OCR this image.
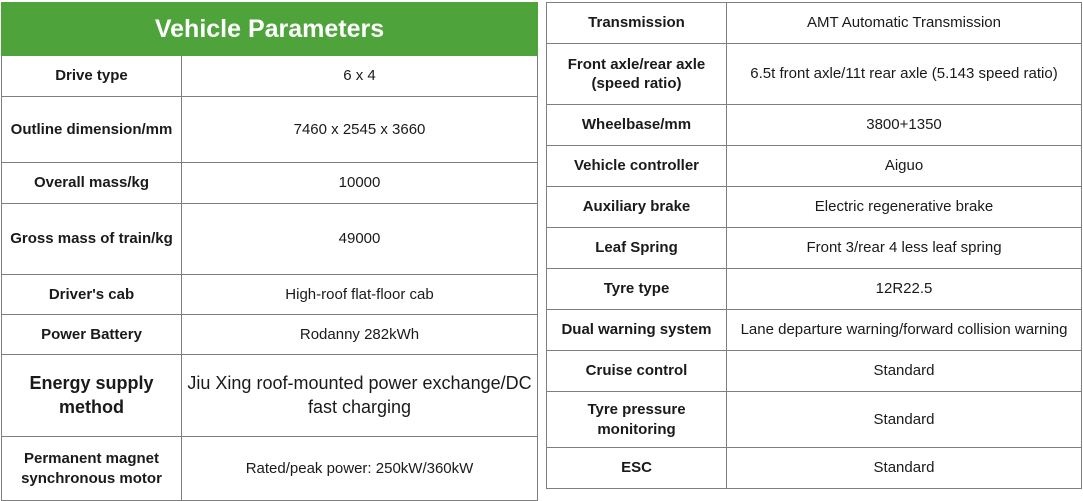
Vehicle Parameters	
Drive type	6 x 4
Outline dimension/mm	7460 x 2545 x 3660
Overall mass/kg	10000
Gross mass of train/kg	49000
Driver's cab	High-roof flat-floor cab
Power Battery	Rodanny 282kWh
Energy supply method	Jiu Xing roof-mounted power exchange/DC fast charging
Permanent magnet synchronous motor	Rated/peak power: 250kW/360kW
Transmission	AMT Automatic Transmission
Front axle/rear axle (speed ratio)	6.5t front axle/11t rear axle (5.143 speed ratio)
Wheelbase/mm	3800+1350
Vehicle controller	Aiguo
Auxiliary brake	Electric regenerative brake
Leaf Spring	Front 3/rear 4 less leaf spring
Tyre type	12R22.5
Dual warning system	Lane departure warning/forward collision warning
Cruise control	Standard
Tyre pressure monitoring	Standard
ESC	Standard
